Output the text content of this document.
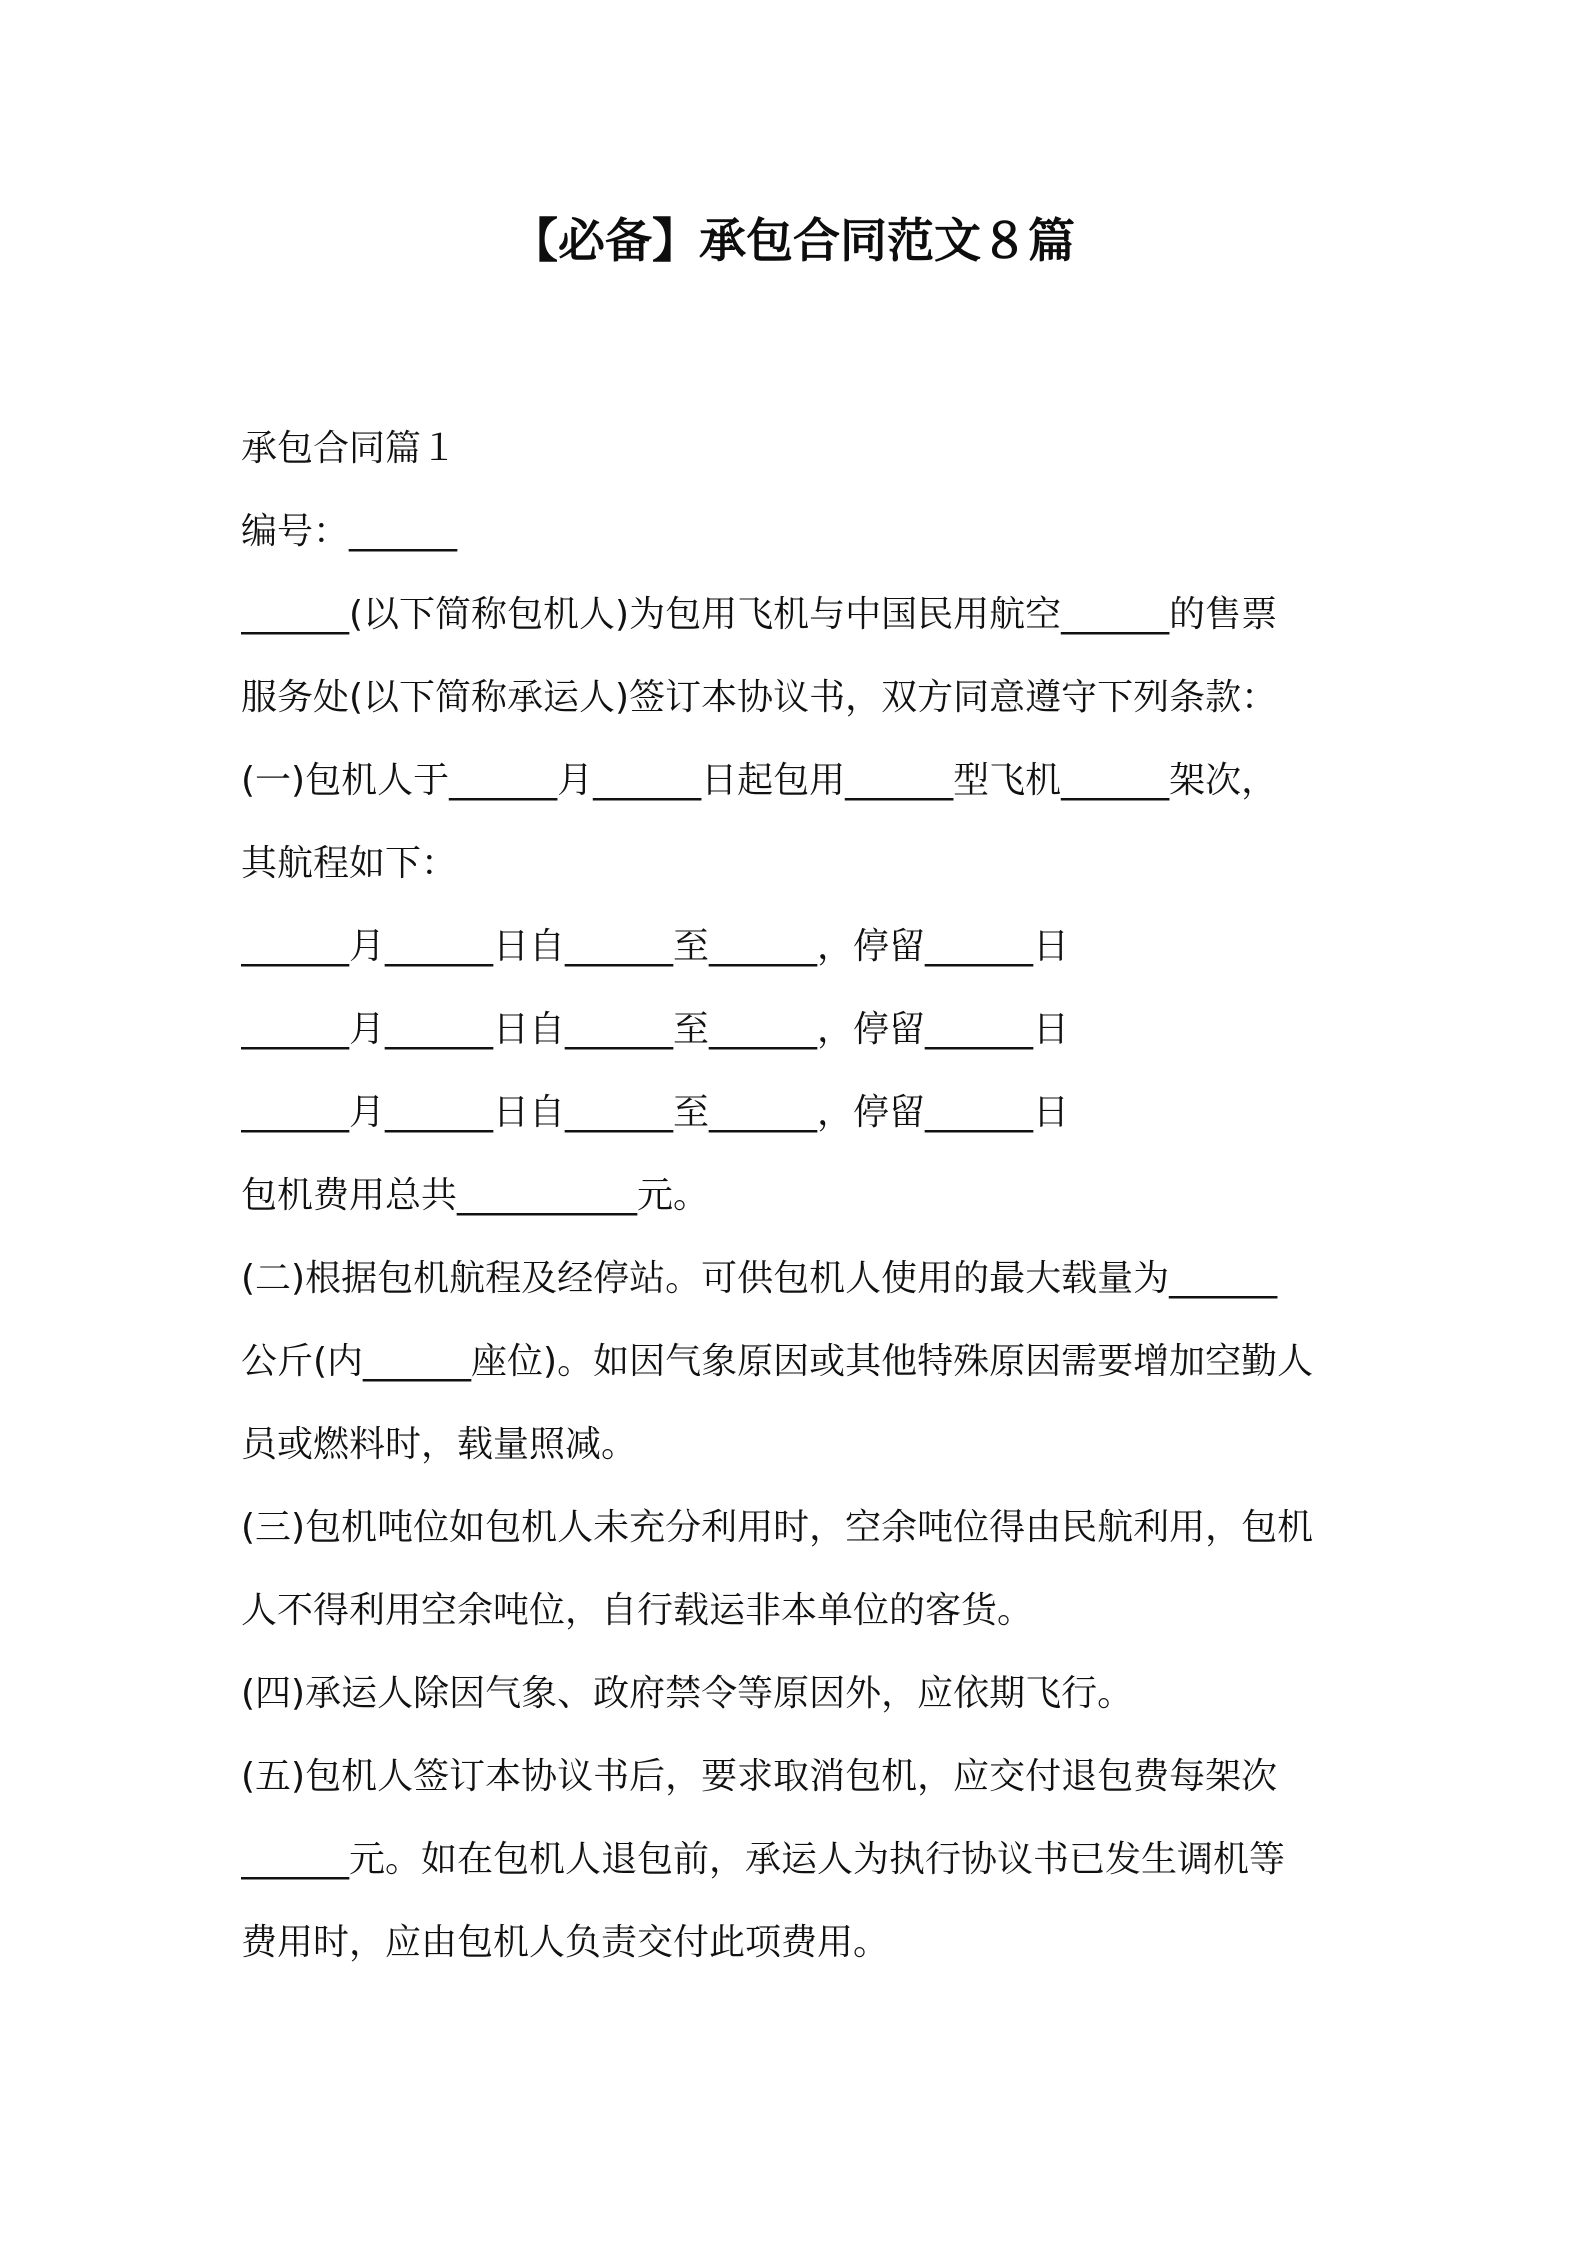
【必备】承包合同范文８篇
承包合同篇１
编号：______
______(以下简称包机人)为包用飞机与中国民用航空______的售票
服务处(以下简称承运人)签订本协议书，双方同意遵守下列条款：
(一)包机人于______月______日起包用______型飞机______架次，
其航程如下：
______月______日自______至______，停留______日
______月______日自______至______，停留______日
______月______日自______至______，停留______日
包机费用总共__________元。
(二)根据包机航程及经停站。可供包机人使用的最大载量为______
公斤(内______座位)。如因气象原因或其他特殊原因需要增加空勤人
员或燃料时，载量照减。
(三)包机吨位如包机人未充分利用时，空余吨位得由民航利用，包机
人不得利用空余吨位，自行载运非本单位的客货。
(四)承运人除因气象、政府禁令等原因外，应依期飞行。
(五)包机人签订本协议书后，要求取消包机，应交付退包费每架次
______元。如在包机人退包前，承运人为执行协议书已发生调机等
费用时，应由包机人负责交付此项费用。
